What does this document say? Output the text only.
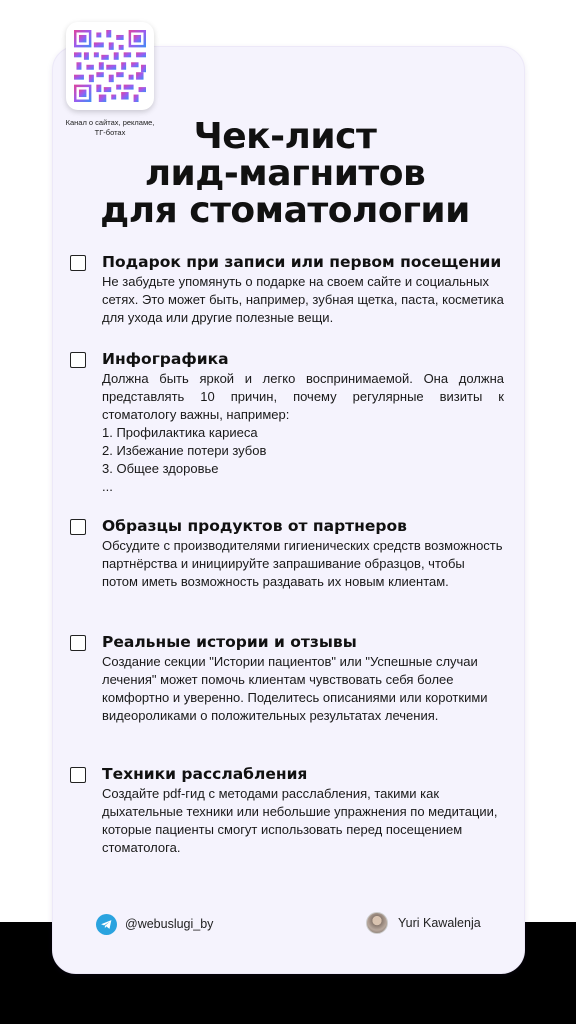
Канал о сайтах, рекламе, ТГ-ботах	Чек-лист
лид-магнитов
для стоматологии
Подарок при записи или первом посещении
Не забудьте упомянуть о подарке на своем сайте и социальных сетях. Это может быть, например, зубная щетка, паста, косметика для ухода или другие полезные вещи.
Инфографика
Должна быть яркой и легко воспринимаемой. Она должна представлять 10 причин, почему регулярные визиты к стоматологу важны, например:
1. Профилактика кариеса
2. Избежание потери зубов
3. Общее здоровье
...
Образцы продуктов от партнеров
Обсудите с производителями гигиенических средств возможность партнёрства и инициируйте запрашивание образцов, чтобы потом иметь возможность раздавать их новым клиентам.
Реальные истории и отзывы
Создание секции "Истории пациентов" или "Успешные случаи лечения" может помочь клиентам чувствовать себя более комфортно и уверенно. Поделитесь описаниями или короткими видеороликами о положительных результатах лечения.
Техники расслабления
Создайте pdf-гид с методами расслабления, такими как дыхательные техники или небольшие упражнения по медитации, которые пациенты смогут использовать перед посещением стоматолога.
@webuslugi_by	Yuri Kawalenja
